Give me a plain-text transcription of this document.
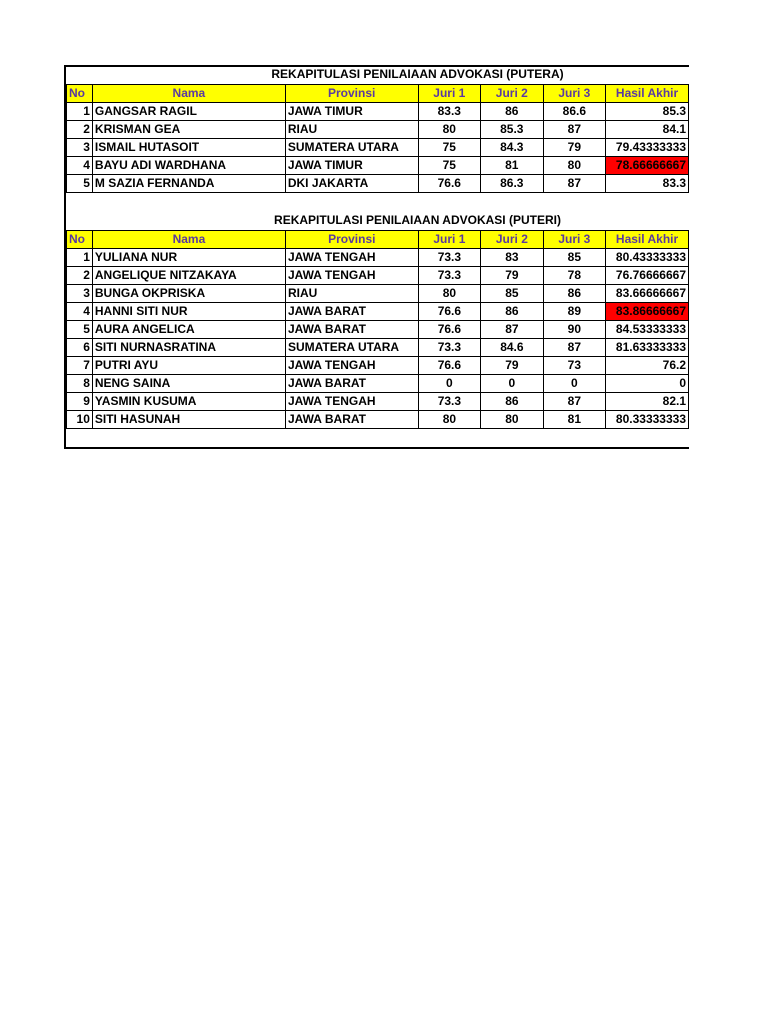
REKAPITULASI PENILAIAAN ADVOKASI (PUTERA)
No	Nama	Provinsi	Juri 1	Juri 2	Juri 3	Hasil Akhir
1	GANGSAR RAGIL	JAWA TIMUR	83.3	86	86.6	85.3
2	KRISMAN GEA	RIAU	80	85.3	87	84.1
3	ISMAIL HUTASOIT	SUMATERA UTARA	75	84.3	79	79.43333333
4	BAYU ADI WARDHANA	JAWA TIMUR	75	81	80	78.66666667
5	M SAZIA FERNANDA	DKI JAKARTA	76.6	86.3	87	83.3
REKAPITULASI PENILAIAAN ADVOKASI (PUTERI)
No	Nama	Provinsi	Juri 1	Juri 2	Juri 3	Hasil Akhir
1	YULIANA NUR	JAWA TENGAH	73.3	83	85	80.43333333
2	ANGELIQUE NITZAKAYA	JAWA TENGAH	73.3	79	78	76.76666667
3	BUNGA OKPRISKA	RIAU	80	85	86	83.66666667
4	HANNI SITI NUR	JAWA BARAT	76.6	86	89	83.86666667
5	AURA ANGELICA	JAWA BARAT	76.6	87	90	84.53333333
6	SITI NURNASRATINA	SUMATERA UTARA	73.3	84.6	87	81.63333333
7	PUTRI AYU	JAWA TENGAH	76.6	79	73	76.2
8	NENG SAINA	JAWA BARAT	0	0	0	0
9	YASMIN KUSUMA	JAWA TENGAH	73.3	86	87	82.1
10	SITI HASUNAH	JAWA BARAT	80	80	81	80.33333333
